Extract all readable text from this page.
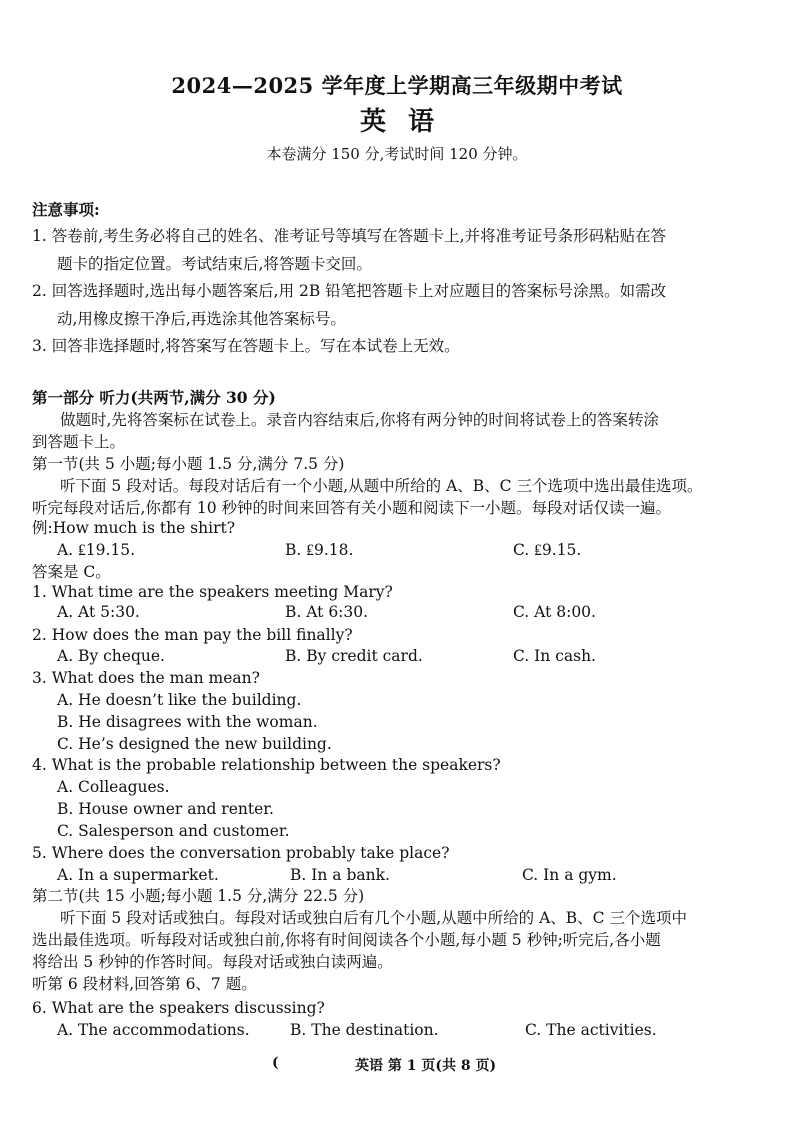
2024—2025 学年度上学期高三年级期中考试
英语
本卷满分 150 分,考试时间 120 分钟。
注意事项:
1. 答卷前,考生务必将自己的姓名、准考证号等填写在答题卡上,并将准考证号条形码粘贴在答
题卡的指定位置。考试结束后,将答题卡交回。
2. 回答选择题时,选出每小题答案后,用 2B 铅笔把答题卡上对应题目的答案标号涂黑。如需改
动,用橡皮擦干净后,再选涂其他答案标号。
3. 回答非选择题时,将答案写在答题卡上。写在本试卷上无效。
第一部分 听力(共两节,满分 30 分)
做题时,先将答案标在试卷上。录音内容结束后,你将有两分钟的时间将试卷上的答案转涂
到答题卡上。
第一节(共 5 小题;每小题 1.5 分,满分 7.5 分)
听下面 5 段对话。每段对话后有一个小题,从题中所给的 A、B、C 三个选项中选出最佳选项。
听完每段对话后,你都有 10 秒钟的时间来回答有关小题和阅读下一小题。每段对话仅读一遍。
例:How much is the shirt?
A. ₤19.15.	B. ₤9.18.	C. ₤9.15.
答案是 C。
1. What time are the speakers meeting Mary?
A. At 5:30.	B. At 6:30.	C. At 8:00.
2. How does the man pay the bill finally?
A. By cheque.	B. By credit card.	C. In cash.
3. What does the man mean?
A. He doesn’t like the building.
B. He disagrees with the woman.
C. He’s designed the new building.
4. What is the probable relationship between the speakers?
A. Colleagues.
B. House owner and renter.
C. Salesperson and customer.
5. Where does the conversation probably take place?
A. In a supermarket.	B. In a bank.	C. In a gym.
第二节(共 15 小题;每小题 1.5 分,满分 22.5 分)
听下面 5 段对话或独白。每段对话或独白后有几个小题,从题中所给的 A、B、C 三个选项中
选出最佳选项。听每段对话或独白前,你将有时间阅读各个小题,每小题 5 秒钟;听完后,各小题
将给出 5 秒钟的作答时间。每段对话或独白读两遍。
听第 6 段材料,回答第 6、7 题。
6. What are the speakers discussing?
A. The accommodations.	B. The destination.	C. The activities.
(	英语 第 1 页(共 8 页)
